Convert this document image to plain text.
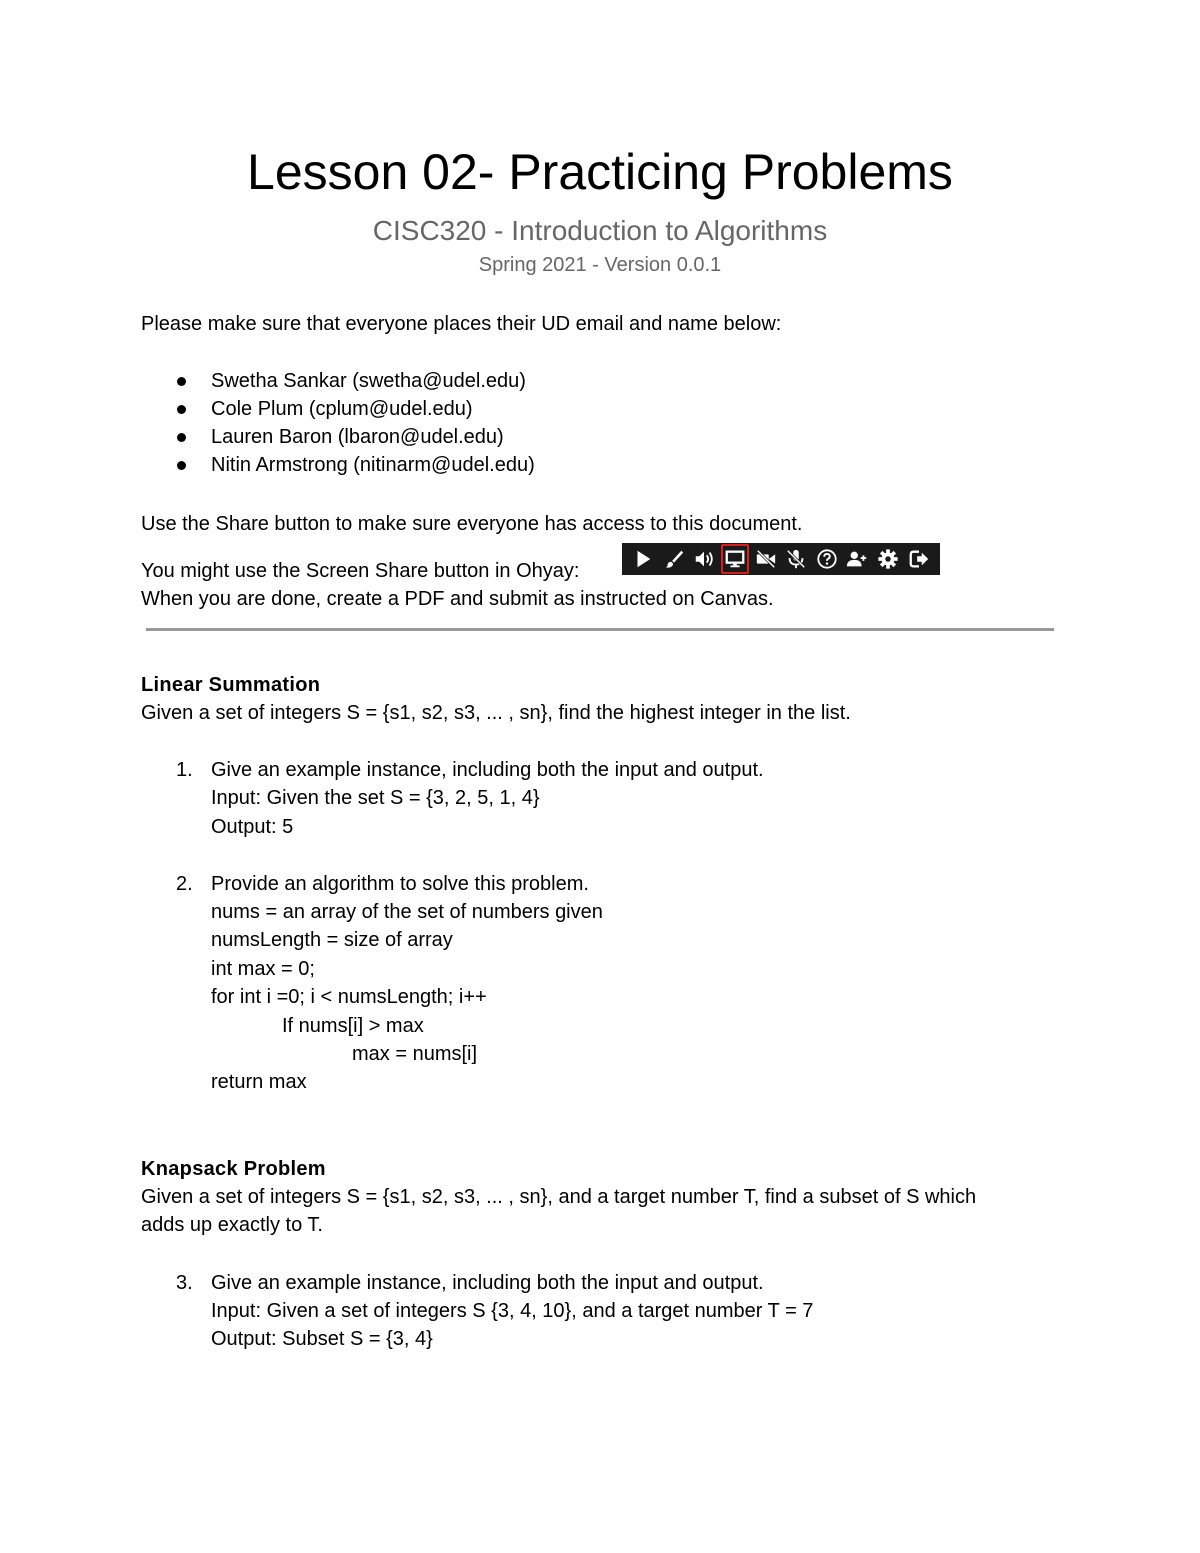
Lesson 02- Practicing Problems
CISC320 - Introduction to Algorithms
Spring 2021 - Version 0.0.1
Please make sure that everyone places their UD email and name below:
Swetha Sankar (swetha@udel.edu)
Cole Plum (cplum@udel.edu)
Lauren Baron (lbaron@udel.edu)
Nitin Armstrong (nitinarm@udel.edu)
Use the Share button to make sure everyone has access to this document.
You might use the Screen Share button in Ohyay:
When you are done, create a PDF and submit as instructed on Canvas.
Linear Summation
Given a set of integers S = {s1, s2, s3, ... , sn}, find the highest integer in the list.
1. Give an example instance, including both the input and output.
Input: Given the set S = {3, 2, 5, 1, 4}
Output: 5
2. Provide an algorithm to solve this problem.
nums = an array of the set of numbers given
numsLength = size of array
int max = 0;
for int i =0; i < numsLength; i++
If nums[i] > max
max = nums[i]
return max
Knapsack Problem
Given a set of integers S = {s1, s2, s3, ... , sn}, and a target number T, find a subset of S which
adds up exactly to T.
3. Give an example instance, including both the input and output.
Input: Given a set of integers S {3, 4, 10}, and a target number T = 7
Output: Subset S = {3, 4}
